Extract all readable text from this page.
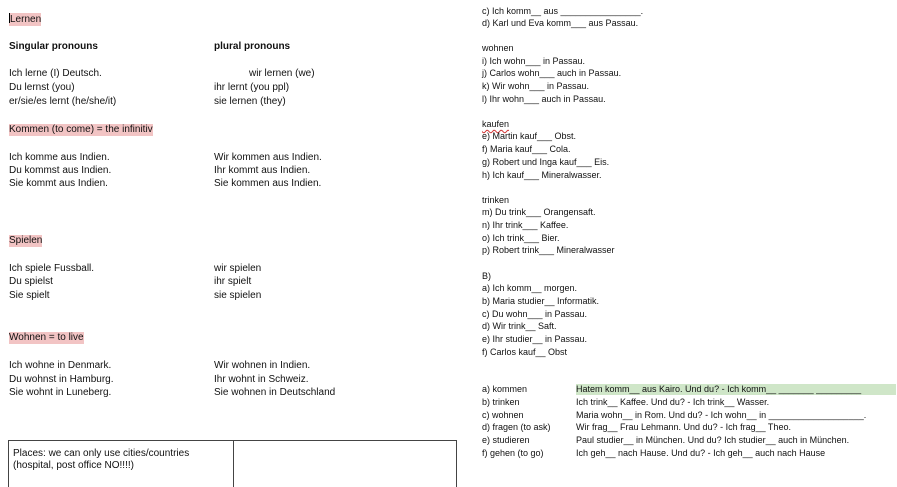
Lernen
Singular pronouns	plural pronouns
Ich lerne (I) Deutsch.
Du lernst (you)
er/sie/es lernt (he/she/it)
wir lernen (we)
ihr lernt (you ppl)
sie lernen (they)
Kommen (to come) = the infinitiv
Ich komme aus Indien.
Du kommst aus Indien.
Sie kommt aus Indien.
Wir kommen aus Indien.
Ihr kommt aus Indien.
Sie kommen aus Indien.
Spielen
Ich spiele Fussball.
Du spielst
Sie spielt
wir spielen
ihr spielt
sie spielen
Wohnen = to live
Ich wohne in Denmark.
Du wohnst in Hamburg.
Sie wohnt in Luneberg.
Wir wohnen in Indien.
Ihr wohnt in Schweiz.
Sie wohnen in Deutschland
Places: we can only use cities/countries
(hospital, post office NO!!!!)
c) Ich komm__ aus ________________.
d) Karl und Eva komm___ aus Passau.
wohnen
i) Ich wohn___ in Passau.
j) Carlos wohn___ auch in Passau.
k) Wir wohn___ in Passau.
l) Ihr wohn___ auch in Passau.
kaufen
e) Martin kauf___ Obst.
f) Maria kauf___ Cola.
g) Robert und Inga kauf___ Eis.
h) Ich kauf___ Mineralwasser.
trinken
m) Du trink___ Orangensaft.
n) Ihr trink___ Kaffee.
o) Ich trink___ Bier.
p) Robert trink___ Mineralwasser
B)
a) Ich komm__ morgen.
b) Maria studier__ Informatik.
c) Du wohn___ in Passau.
d) Wir trink__ Saft.
e) Ihr studier__ in Passau.
f) Carlos kauf__ Obst
a) kommen
b) trinken
c) wohnen
d) fragen (to ask)
e) studieren
f) gehen (to go)
Hatem komm__ aus Kairo. Und du? - Ich komm__ _______ _________
Ich trink__ Kaffee. Und du? - Ich trink__ Wasser.
Maria wohn__ in Rom. Und du? - Ich wohn__ in ___________________.
Wir frag__ Frau Lehmann. Und du? - Ich frag__ Theo.
Paul studier__ in München. Und du? Ich studier__ auch in München.
Ich geh__ nach Hause. Und du? - Ich geh__ auch nach Hause
